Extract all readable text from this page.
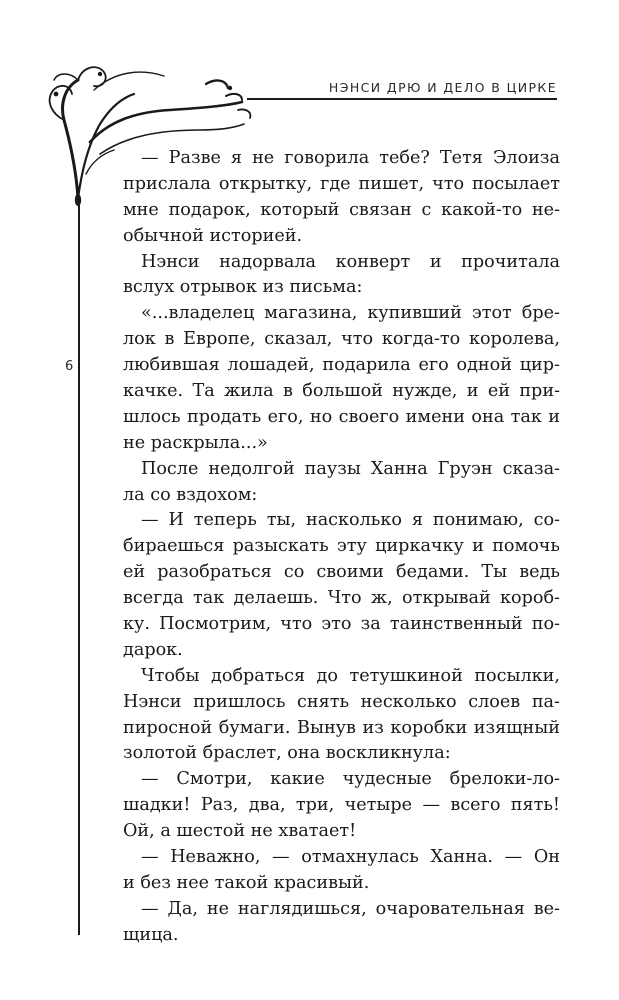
НЭНСИ ДРЮ И ДЕЛО В ЦИРКЕ
6
— Разве я не говорила тебе? Тетя Элоиза
прислала открытку, где пишет, что посылает
мне подарок, который связан с какой-то не-
обычной историей.
Нэнси надорвала конверт и прочитала
вслух отрывок из письма:
«...владелец магазина, купивший этот бре-
лок в Европе, сказал, что когда-то королева,
любившая лошадей, подарила его одной цир-
качке. Та жила в большой нужде, и ей при-
шлось продать его, но своего имени она так и
не раскрыла...»
После недолгой паузы Ханна Груэн сказа-
ла со вздохом:
— И теперь ты, насколько я понимаю, со-
бираешься разыскать эту циркачку и помочь
ей разобраться со своими бедами. Ты ведь
всегда так делаешь. Что ж, открывай короб-
ку. Посмотрим, что это за таинственный по-
дарок.
Чтобы добраться до тетушкиной посылки,
Нэнси пришлось снять несколько слоев па-
пиросной бумаги. Вынув из коробки изящный
золотой браслет, она воскликнула:
— Смотри, какие чудесные брелоки-ло-
шадки! Раз, два, три, четыре — всего пять!
Ой, а шестой не хватает!
— Неважно, — отмахнулась Ханна. — Он
и без нее такой красивый.
— Да, не наглядишься, очаровательная ве-
щица.
